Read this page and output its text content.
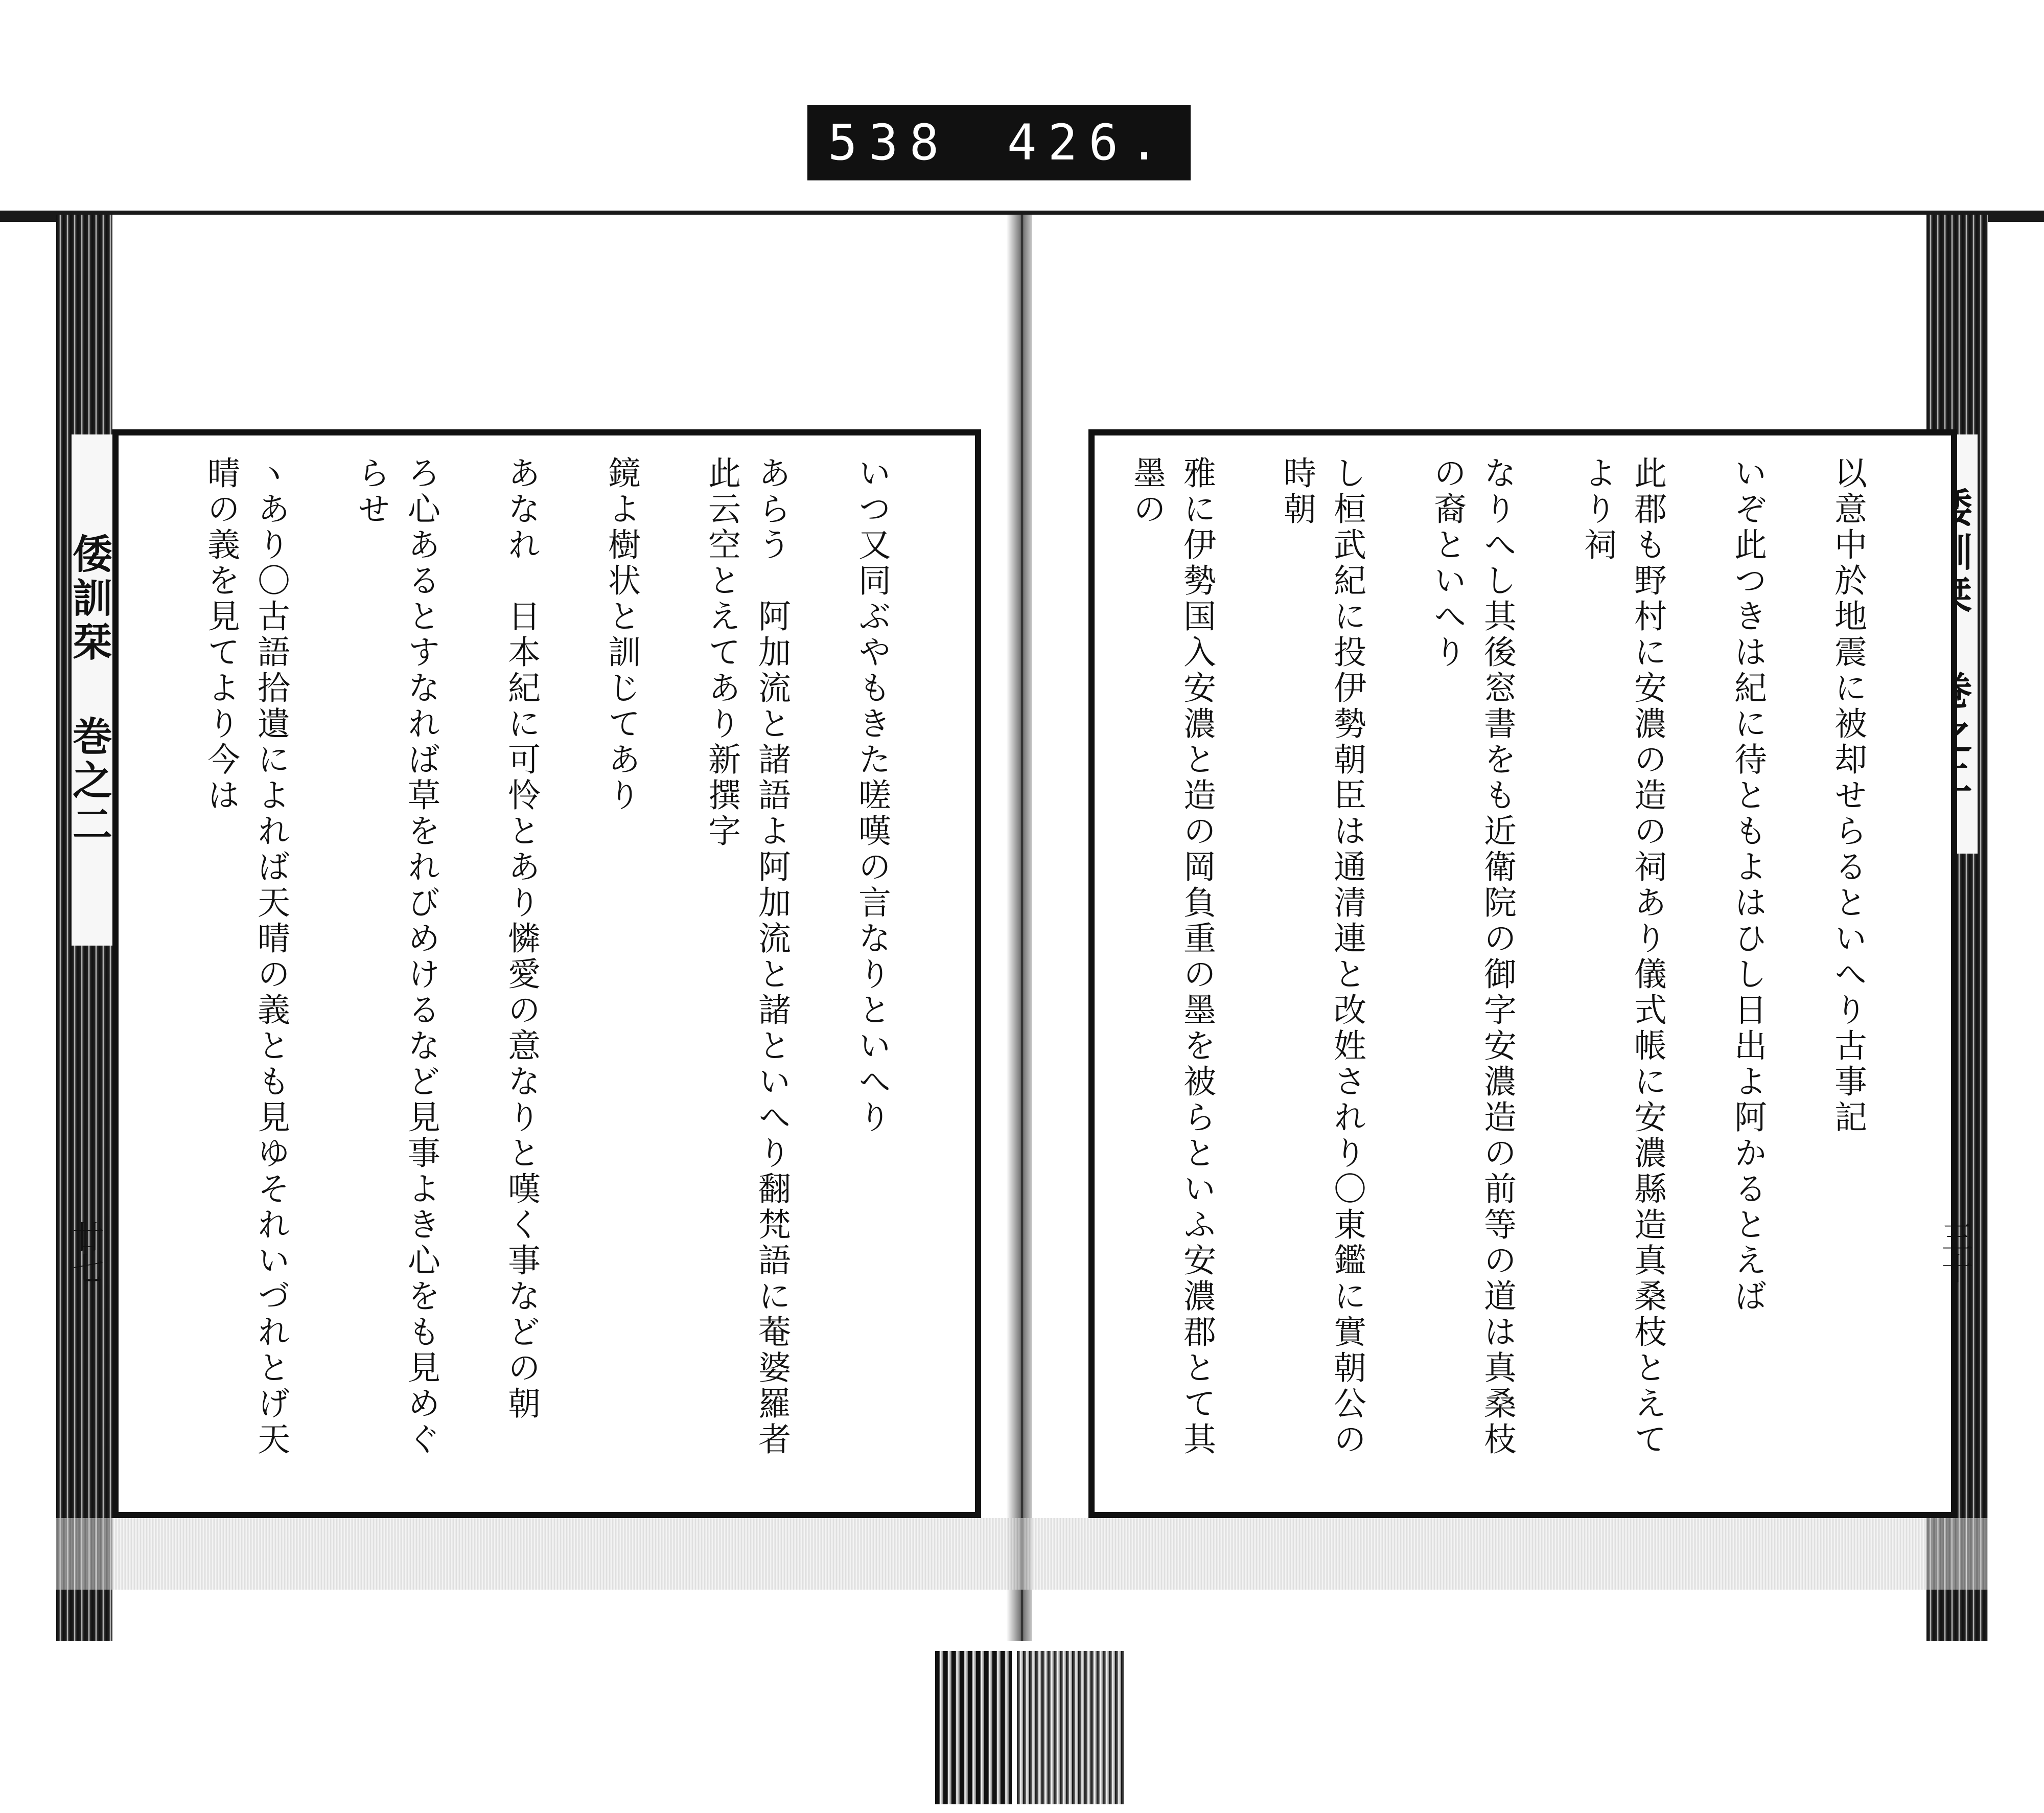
538 426.
倭訓栞 巻之二	いつ又同ぶやもきた嗟嘆の言なりといへり

あらう　阿加流と諸語よ阿加流と諸といへり翻梵語に菴婆羅者此云空とえてあり新撰字

鏡よ樹状と訓じてあり

あなれ　日本紀に可怜とあり憐愛の意なりと嘆く事などの朝

ろ心あるとすなれば草をれびめけるなど見事よき心をも見めぐらせ

ヽあり〇古語拾遺によれば天晴の義とも見ゆそれいづれとげ天晴の義を見てより今は

廿七

以意中於地震に被却せらるといへり古事記

いぞ此つきは紀に待ともよはひし日出よ阿かるとえば

此郡も野村に安濃の造の祠あり儀式帳に安濃縣造真桑枝とえてより祠

なりへし其後窓書をも近衛院の御字安濃造の前等の道は真桑枝の裔といへり

し桓武紀に投伊勢朝臣は通清連と改姓されり〇東鑑に實朝公の時朝

雅に伊勢国入安濃と造の岡負重の墨を被らといふ安濃郡とて其墨の

三十
